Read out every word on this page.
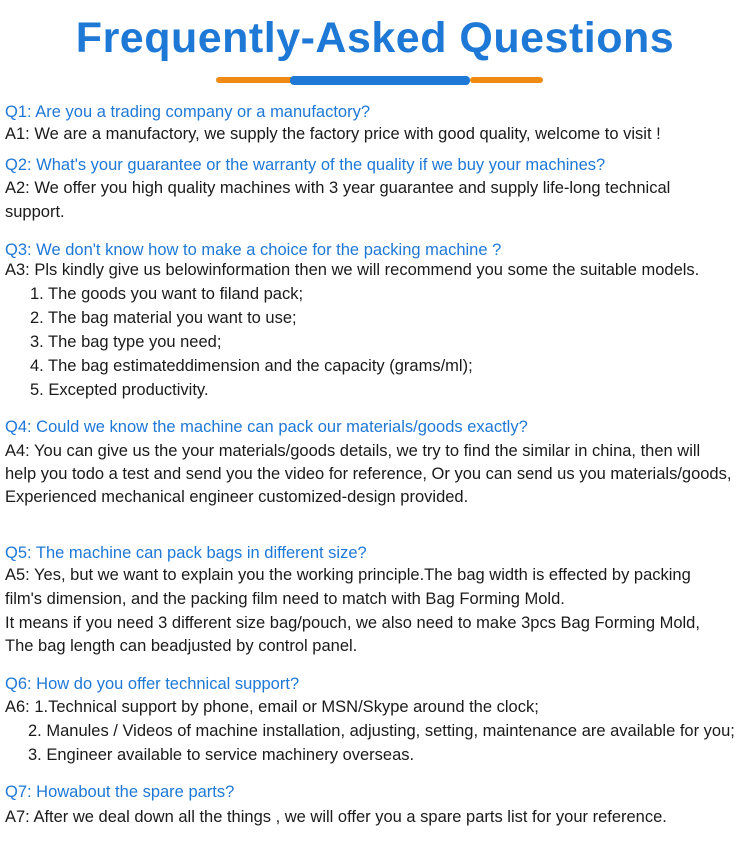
Frequently-Asked Questions
Q1: Are you a trading company or a manufactory?
A1: We are a manufactory, we supply the factory price with good quality, welcome to visit !
Q2: What's your guarantee or the warranty of the quality if we buy your machines?
A2: We offer you high quality machines with 3 year guarantee and supply life-long technical
support.
Q3: We don't know how to make a choice for the packing machine ?
A3: Pls kindly give us belowinformation then we will recommend you some the suitable models.
1. The goods you want to filand pack;
2. The bag material you want to use;
3. The bag type you need;
4. The bag estimateddimension and the capacity (grams/ml);
5. Excepted productivity.
Q4: Could we know the machine can pack our materials/goods exactly?
A4: You can give us the your materials/goods details, we try to find the similar in china, then will
help you todo a test and send you the video for reference, Or you can send us you materials/goods,
Experienced mechanical engineer customized-design provided.
Q5: The machine can pack bags in different size?
A5: Yes, but we want to explain you the working principle.The bag width is effected by packing
film's dimension, and the packing film need to match with Bag Forming Mold.
It means if you need 3 different size bag/pouch, we also need to make 3pcs Bag Forming Mold,
The bag length can beadjusted by control panel.
Q6: How do you offer technical support?
A6: 1.Technical support by phone, email or MSN/Skype around the clock;
2. Manules / Videos of machine installation, adjusting, setting, maintenance are available for you;
3. Engineer available to service machinery overseas.
Q7: Howabout the spare parts?
A7: After we deal down all the things , we will offer you a spare parts list for your reference.
